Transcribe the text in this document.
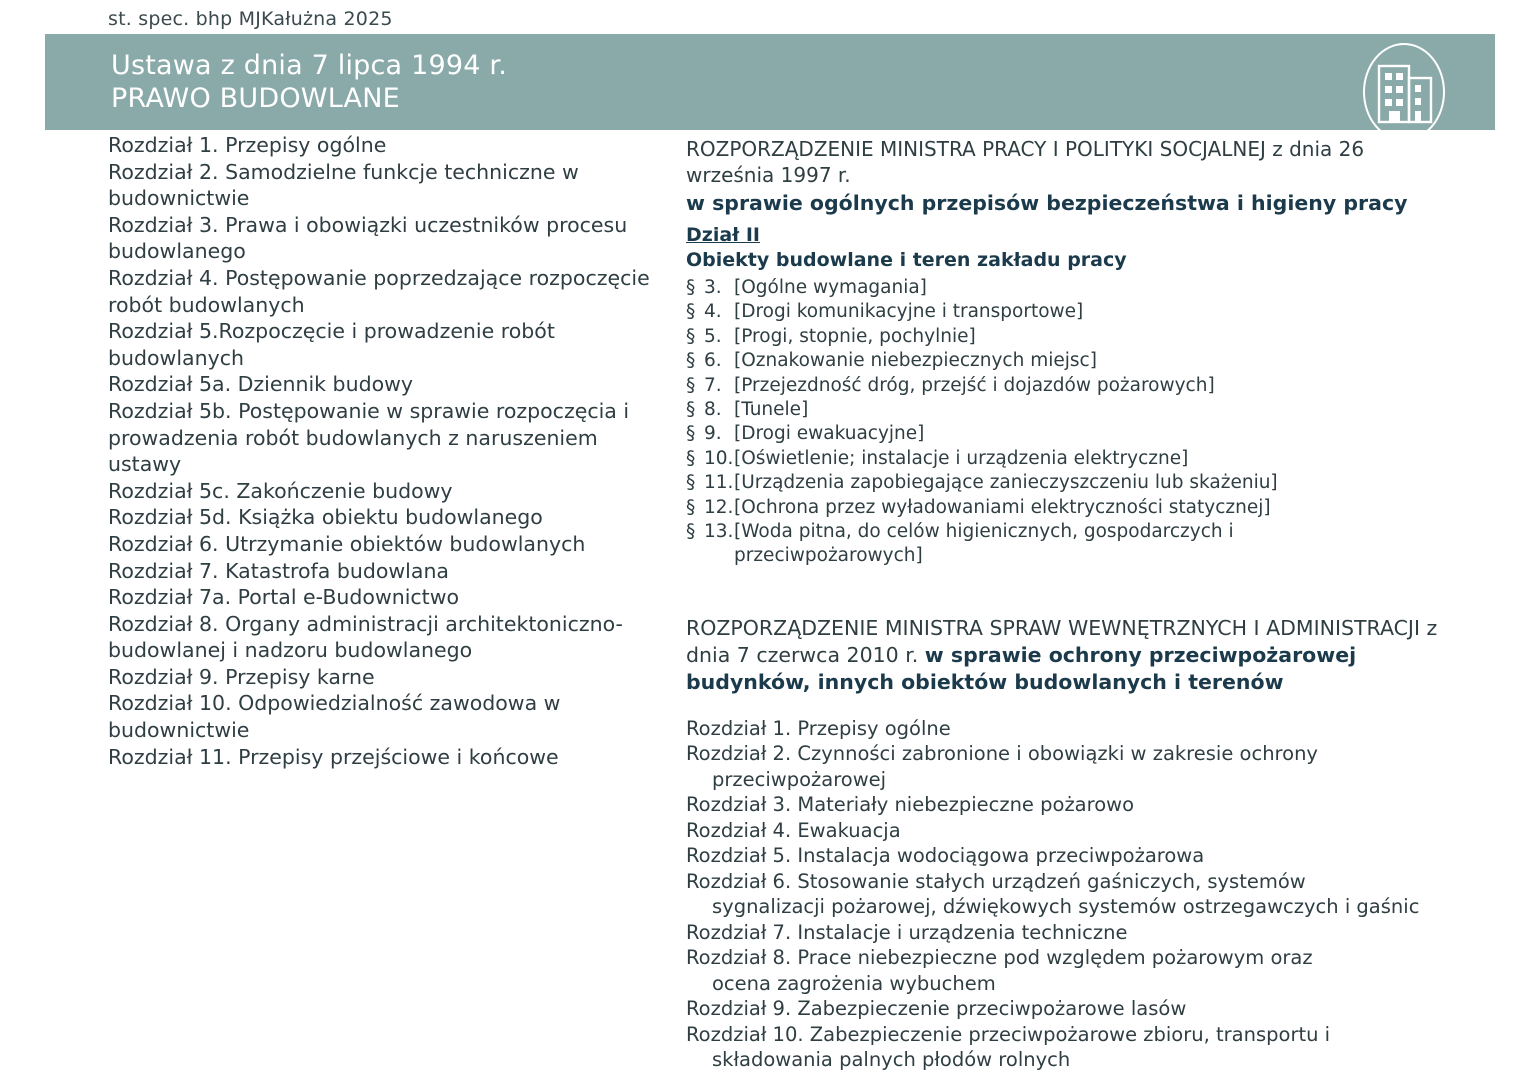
st. spec. bhp MJKałużna 2025
Ustawa z dnia 7 lipca 1994 r.
PRAWO BUDOWLANE
Rozdział 1. Przepisy ogólne
Rozdział 2. Samodzielne funkcje techniczne w budownictwie
Rozdział 3. Prawa i obowiązki uczestników procesu budowlanego
Rozdział 4. Postępowanie poprzedzające rozpoczęcie robót budowlanych
Rozdział 5.Rozpoczęcie i prowadzenie robót budowlanych
Rozdział 5a. Dziennik budowy
Rozdział 5b. Postępowanie w sprawie rozpoczęcia i prowadzenia robót budowlanych z naruszeniem ustawy
Rozdział 5c. Zakończenie budowy
Rozdział 5d. Książka obiektu budowlanego
Rozdział 6. Utrzymanie obiektów budowlanych
Rozdział 7. Katastrofa budowlana
Rozdział 7a. Portal e-Budownictwo
Rozdział 8. Organy administracji architektoniczno-budowlanej i nadzoru budowlanego
Rozdział 9. Przepisy karne
Rozdział 10. Odpowiedzialność zawodowa w budownictwie
Rozdział 11. Przepisy przejściowe i końcowe
ROZPORZĄDZENIE MINISTRA PRACY I POLITYKI SOCJALNEJ z dnia 26 września 1997 r.
w sprawie ogólnych przepisów bezpieczeństwa i higieny pracy
Dział II
Obiekty budowlane i teren zakładu pracy
§	3.	[Ogólne wymagania]
§	4.	[Drogi komunikacyjne i transportowe]
§	5.	[Progi, stopnie, pochylnie]
§	6.	[Oznakowanie niebezpiecznych miejsc]
§	7.	[Przejezdność dróg, przejść i dojazdów pożarowych]
§	8.	[Tunele]
§	9.	[Drogi ewakuacyjne]
§	10.	[Oświetlenie; instalacje i urządzenia elektryczne]
§	11.	[Urządzenia zapobiegające zanieczyszczeniu lub skażeniu]
§	12.	[Ochrona przez wyładowaniami elektryczności statycznej]
§	13.	[Woda pitna, do celów higienicznych, gospodarczych i przeciwpożarowych]
ROZPORZĄDZENIE MINISTRA SPRAW WEWNĘTRZNYCH I ADMINISTRACJI z dnia 7 czerwca 2010 r. w sprawie ochrony przeciwpożarowej budynków, innych obiektów budowlanych i terenów
Rozdział 1. Przepisy ogólne
Rozdział 2. Czynności zabronione i obowiązki w zakresie ochrony
przeciwpożarowej
Rozdział 3. Materiały niebezpieczne pożarowo
Rozdział 4. Ewakuacja
Rozdział 5. Instalacja wodociągowa przeciwpożarowa
Rozdział 6. Stosowanie stałych urządzeń gaśniczych, systemów
sygnalizacji pożarowej, dźwiękowych systemów ostrzegawczych i gaśnic
Rozdział 7. Instalacje i urządzenia techniczne
Rozdział 8. Prace niebezpieczne pod względem pożarowym oraz
ocena zagrożenia wybuchem
Rozdział 9. Zabezpieczenie przeciwpożarowe lasów
Rozdział 10. Zabezpieczenie przeciwpożarowe zbioru, transportu i
składowania palnych płodów rolnych
